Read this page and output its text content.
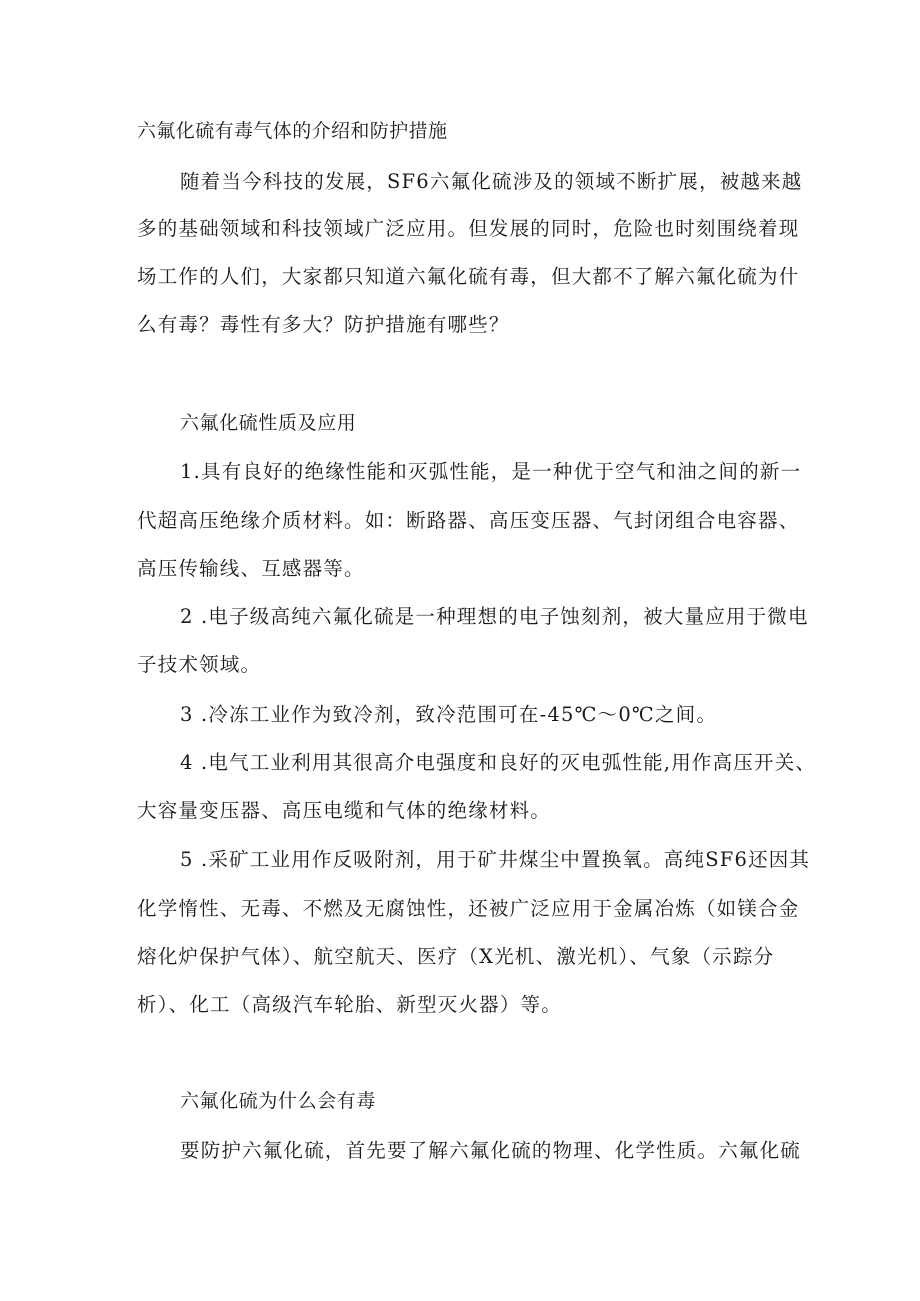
六氟化硫有毒气体的介绍和防护措施
随着当今科技的发展，SF6六氟化硫涉及的领域不断扩展，被越来越
多的基础领域和科技领域广泛应用。但发展的同时，危险也时刻围绕着现
场工作的人们，大家都只知道六氟化硫有毒，但大都不了解六氟化硫为什
么有毒？毒性有多大？防护措施有哪些？
六氟化硫性质及应用
1.具有良好的绝缘性能和灭弧性能，是一种优于空气和油之间的新一
代超高压绝缘介质材料。如：断路器、高压变压器、气封闭组合电容器、
高压传输线、互感器等。
2 .电子级高纯六氟化硫是一种理想的电子蚀刻剂，被大量应用于微电
子技术领域。
3 .冷冻工业作为致冷剂，致冷范围可在-45℃～0℃之间。
4 .电气工业利用其很高介电强度和良好的灭电弧性能,用作高压开关、
大容量变压器、高压电缆和气体的绝缘材料。
5 .采矿工业用作反吸附剂，用于矿井煤尘中置换氧。高纯SF6还因其
化学惰性、无毒、不燃及无腐蚀性，还被广泛应用于金属冶炼（如镁合金
熔化炉保护气体）、航空航天、医疗（X光机、激光机）、气象（示踪分
析）、化工（高级汽车轮胎、新型灭火器）等。
六氟化硫为什么会有毒
要防护六氟化硫，首先要了解六氟化硫的物理、化学性质。六氟化硫
